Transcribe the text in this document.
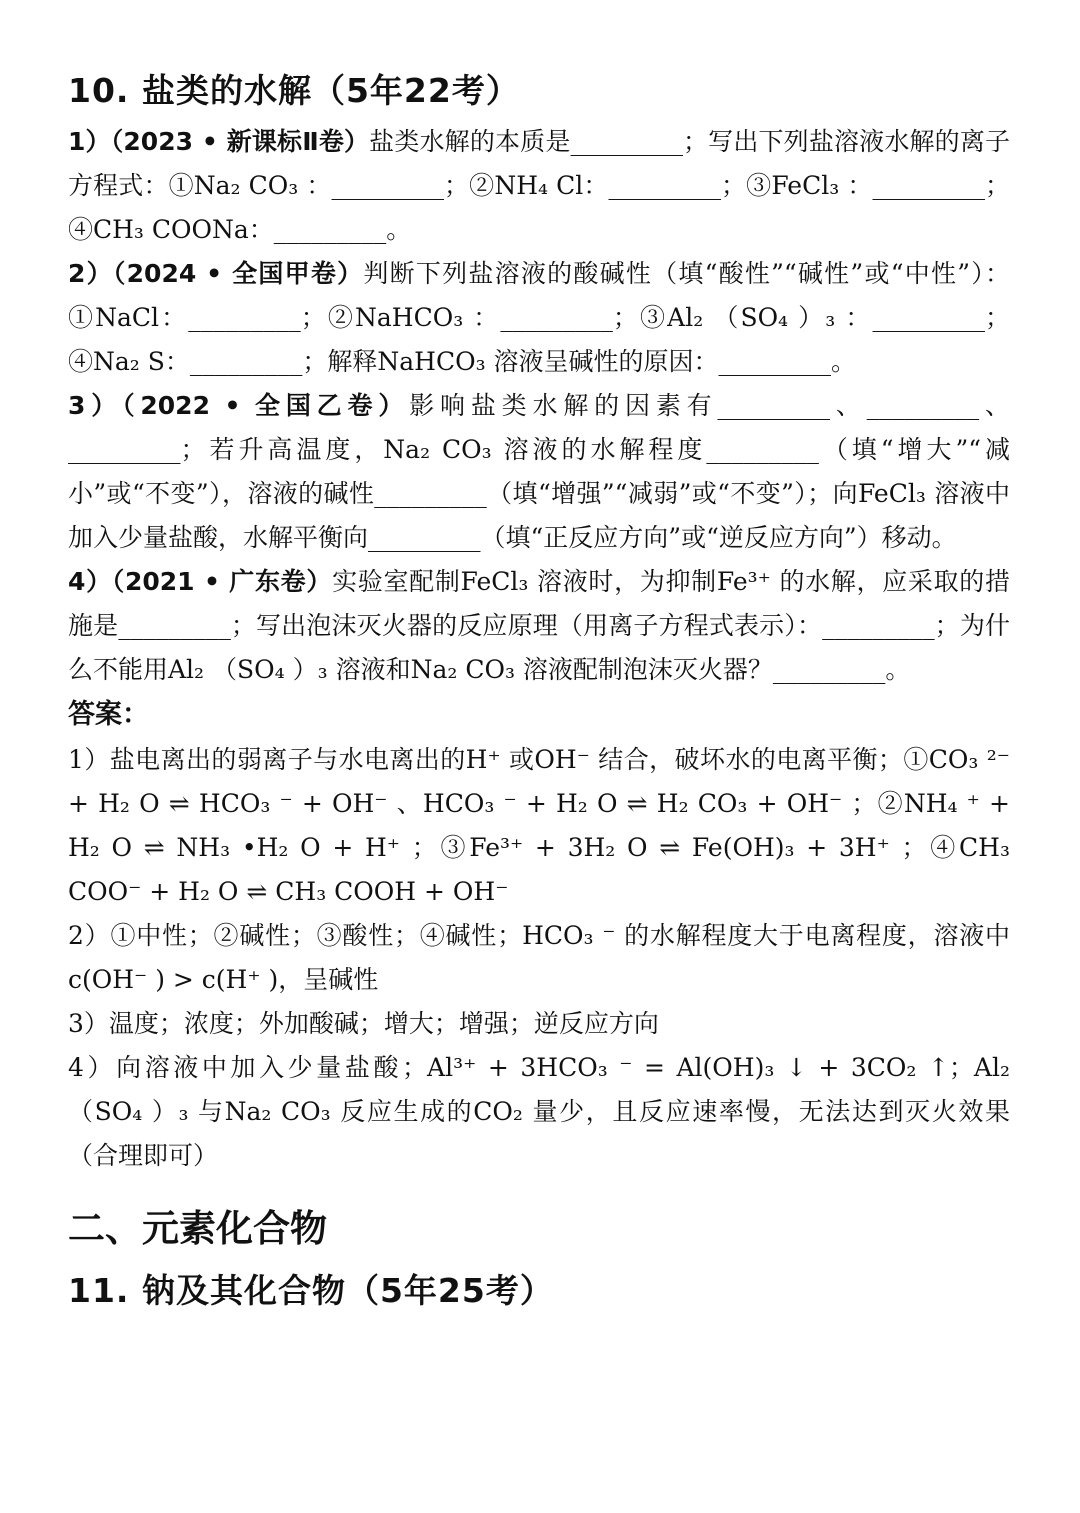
10. 盐类的水解（5年22考）

1）（2023 • 新课标Ⅱ卷）盐类水解的本质是_________；写出下列盐溶液水解的离子方程式：①Na₂ CO₃ ：_________；②NH₄ Cl：_________；③FeCl₃ ：_________；④CH₃ COONa：_________。

2）（2024 • 全国甲卷）判断下列盐溶液的酸碱性（填“酸性”“碱性”或“中性”）：①NaCl：_________；②NaHCO₃ ：_________；③Al₂ （SO₄ ）₃ ：_________；④Na₂ S：_________；解释NaHCO₃ 溶液呈碱性的原因：_________。

3）（2022 • 全国乙卷）影响盐类水解的因素有_________、_________、_________；若升高温度，Na₂ CO₃ 溶液的水解程度_________（填“增大”“减小”或“不变”），溶液的碱性_________（填“增强”“减弱”或“不变”）；向FeCl₃ 溶液中加入少量盐酸，水解平衡向_________（填“正反应方向”或“逆反应方向”）移动。

4）（2021 • 广东卷）实验室配制FeCl₃ 溶液时，为抑制Fe³⁺ 的水解，应采取的措施是_________；写出泡沫灭火器的反应原理（用离子方程式表示）：_________；为什么不能用Al₂ （SO₄ ）₃ 溶液和Na₂ CO₃ 溶液配制泡沫灭火器？_________。

答案：

1）盐电离出的弱离子与水电离出的H⁺ 或OH⁻ 结合，破坏水的电离平衡；①CO₃ ²⁻ + H₂ O ⇌ HCO₃ ⁻ + OH⁻ 、HCO₃ ⁻ + H₂ O ⇌ H₂ CO₃ + OH⁻ ；②NH₄ ⁺ + H₂ O ⇌ NH₃ •H₂ O + H⁺ ；③Fe³⁺ + 3H₂ O ⇌ Fe(OH)₃ + 3H⁺ ；④CH₃ COO⁻ + H₂ O ⇌ CH₃ COOH + OH⁻

2）①中性；②碱性；③酸性；④碱性；HCO₃ ⁻ 的水解程度大于电离程度，溶液中c(OH⁻ ) > c(H⁺ )，呈碱性

3）温度；浓度；外加酸碱；增大；增强；逆反应方向

4）向溶液中加入少量盐酸；Al³⁺ + 3HCO₃ ⁻ = Al(OH)₃ ↓ + 3CO₂ ↑；Al₂ （SO₄ ）₃ 与Na₂ CO₃ 反应生成的CO₂ 量少，且反应速率慢，无法达到灭火效果（合理即可）

二、元素化合物
11. 钠及其化合物（5年25考）
